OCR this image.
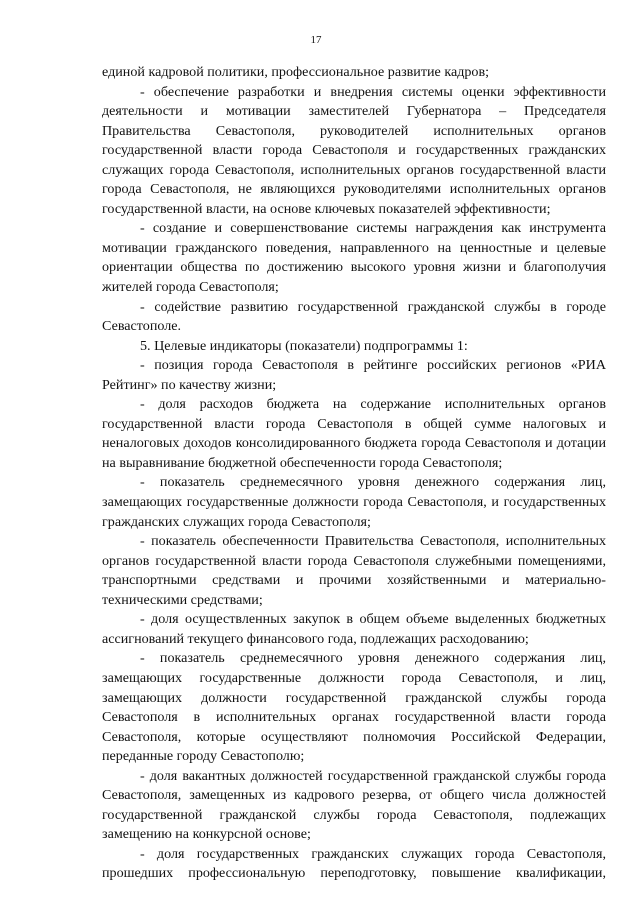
17

единой кадровой политики, профессиональное развитие кадров;

- обеспечение разработки и внедрения системы оценки эффективности деятельности и мотивации заместителей Губернатора – Председателя Правительства Севастополя, руководителей исполнительных органов государственной власти города Севастополя и государственных гражданских служащих города Севастополя, исполнительных органов государственной власти города Севастополя, не являющихся руководителями исполнительных органов государственной власти, на основе ключевых показателей эффективности;

- создание и совершенствование системы награждения как инструмента мотивации гражданского поведения, направленного на ценностные и целевые ориентации общества по достижению высокого уровня жизни и благополучия жителей города Севастополя;

- содействие развитию государственной гражданской службы в городе Севастополе.

5. Целевые индикаторы (показатели) подпрограммы 1:

- позиция города Севастополя в рейтинге российских регионов «РИА Рейтинг» по качеству жизни;

- доля расходов бюджета на содержание исполнительных органов государственной власти города Севастополя в общей сумме налоговых и неналоговых доходов консолидированного бюджета города Севастополя и дотации на выравнивание бюджетной обеспеченности города Севастополя;

- показатель среднемесячного уровня денежного содержания лиц, замещающих государственные должности города Севастополя, и государственных гражданских служащих города Севастополя;

- показатель обеспеченности Правительства Севастополя, исполнительных органов государственной власти города Севастополя служебными помещениями, транспортными средствами и прочими хозяйственными и материально-техническими средствами;

- доля осуществленных закупок в общем объеме выделенных бюджетных ассигнований текущего финансового года, подлежащих расходованию;

- показатель среднемесячного уровня денежного содержания лиц, замещающих государственные должности города Севастополя, и лиц, замещающих должности государственной гражданской службы города Севастополя в исполнительных органах государственной власти города Севастополя, которые осуществляют полномочия Российской Федерации, переданные городу Севастополю;

- доля вакантных должностей государственной гражданской службы города Севастополя, замещенных из кадрового резерва, от общего числа должностей государственной гражданской службы города Севастополя, подлежащих замещению на конкурсной основе;

- доля государственных гражданских служащих города Севастополя, прошедших профессиональную переподготовку, повышение квалификации,
